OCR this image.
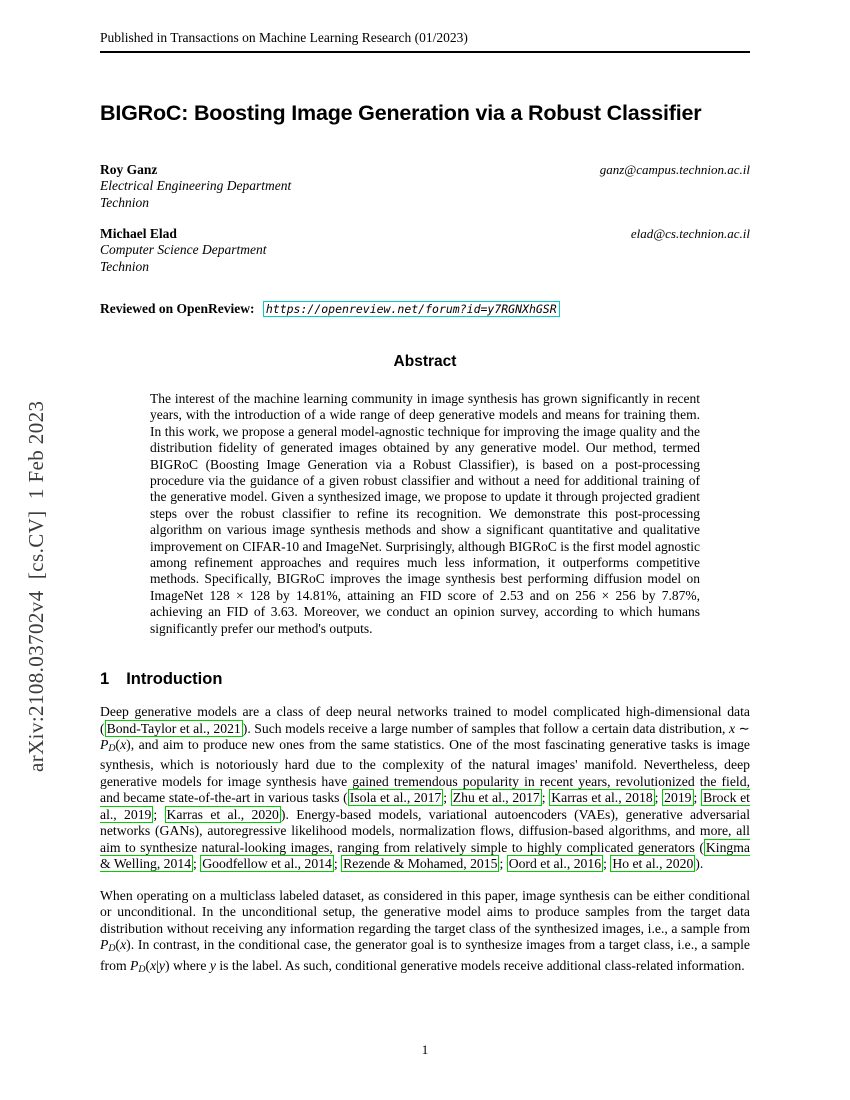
arXiv:2108.03702v4  [cs.CV]  1 Feb 2023
Published in Transactions on Machine Learning Research (01/2023)
BIGRoC: Boosting Image Generation via a Robust Classifier
Roy Ganz	ganz@campus.technion.ac.il
Electrical Engineering Department
Technion
Michael Elad	elad@cs.technion.ac.il
Computer Science Department
Technion
Reviewed on OpenReview: https://openreview.net/forum?id=y7RGNXhGSR
Abstract

The interest of the machine learning community in image synthesis has grown significantly in recent years, with the introduction of a wide range of deep generative models and means for training them. In this work, we propose a general model-agnostic technique for improving the image quality and the distribution fidelity of generated images obtained by any generative model. Our method, termed BIGRoC (Boosting Image Generation via a Robust Classifier), is based on a post-processing procedure via the guidance of a given robust classifier and without a need for additional training of the generative model. Given a synthesized image, we propose to update it through projected gradient steps over the robust classifier to refine its recognition. We demonstrate this post-processing algorithm on various image synthesis methods and show a significant quantitative and qualitative improvement on CIFAR-10 and ImageNet. Surprisingly, although BIGRoC is the first model agnostic among refinement approaches and requires much less information, it outperforms competitive methods. Specifically, BIGRoC improves the image synthesis best performing diffusion model on ImageNet 128 × 128 by 14.81%, attaining an FID score of 2.53 and on 256 × 256 by 7.87%, achieving an FID of 3.63. Moreover, we conduct an opinion survey, according to which humans significantly prefer our method's outputs.

1 Introduction

Deep generative models are a class of deep neural networks trained to model complicated high-dimensional data ( Bond-Taylor et al., 2021 ). Such models receive a large number of samples that follow a certain data distribution, x ∼ PD(x), and aim to produce new ones from the same statistics. One of the most fascinating generative tasks is image synthesis, which is notoriously hard due to the complexity of the natural images' manifold. Nevertheless, deep generative models for image synthesis have gained tremendous popularity in recent years, revolutionized the field, and became state-of-the-art in various tasks ( Isola et al., 2017 ; Zhu et al., 2017 ; Karras et al., 2018 ; 2019 ; Brock et al., 2019 ; Karras et al., 2020 ). Energy-based models, variational autoencoders (VAEs), generative adversarial networks (GANs), autoregressive likelihood models, normalization flows, diffusion-based algorithms, and more, all aim to synthesize natural-looking images, ranging from relatively simple to highly complicated generators ( Kingma & Welling, 2014 ; Goodfellow et al., 2014 ; Rezende & Mohamed, 2015 ; Oord et al., 2016 ; Ho et al., 2020 ).

When operating on a multiclass labeled dataset, as considered in this paper, image synthesis can be either conditional or unconditional. In the unconditional setup, the generative model aims to produce samples from the target data distribution without receiving any information regarding the target class of the synthesized images, i.e., a sample from PD(x). In contrast, in the conditional case, the generator goal is to synthesize images from a target class, i.e., a sample from PD(x|y) where y is the label. As such, conditional generative models receive additional class-related information.

1
